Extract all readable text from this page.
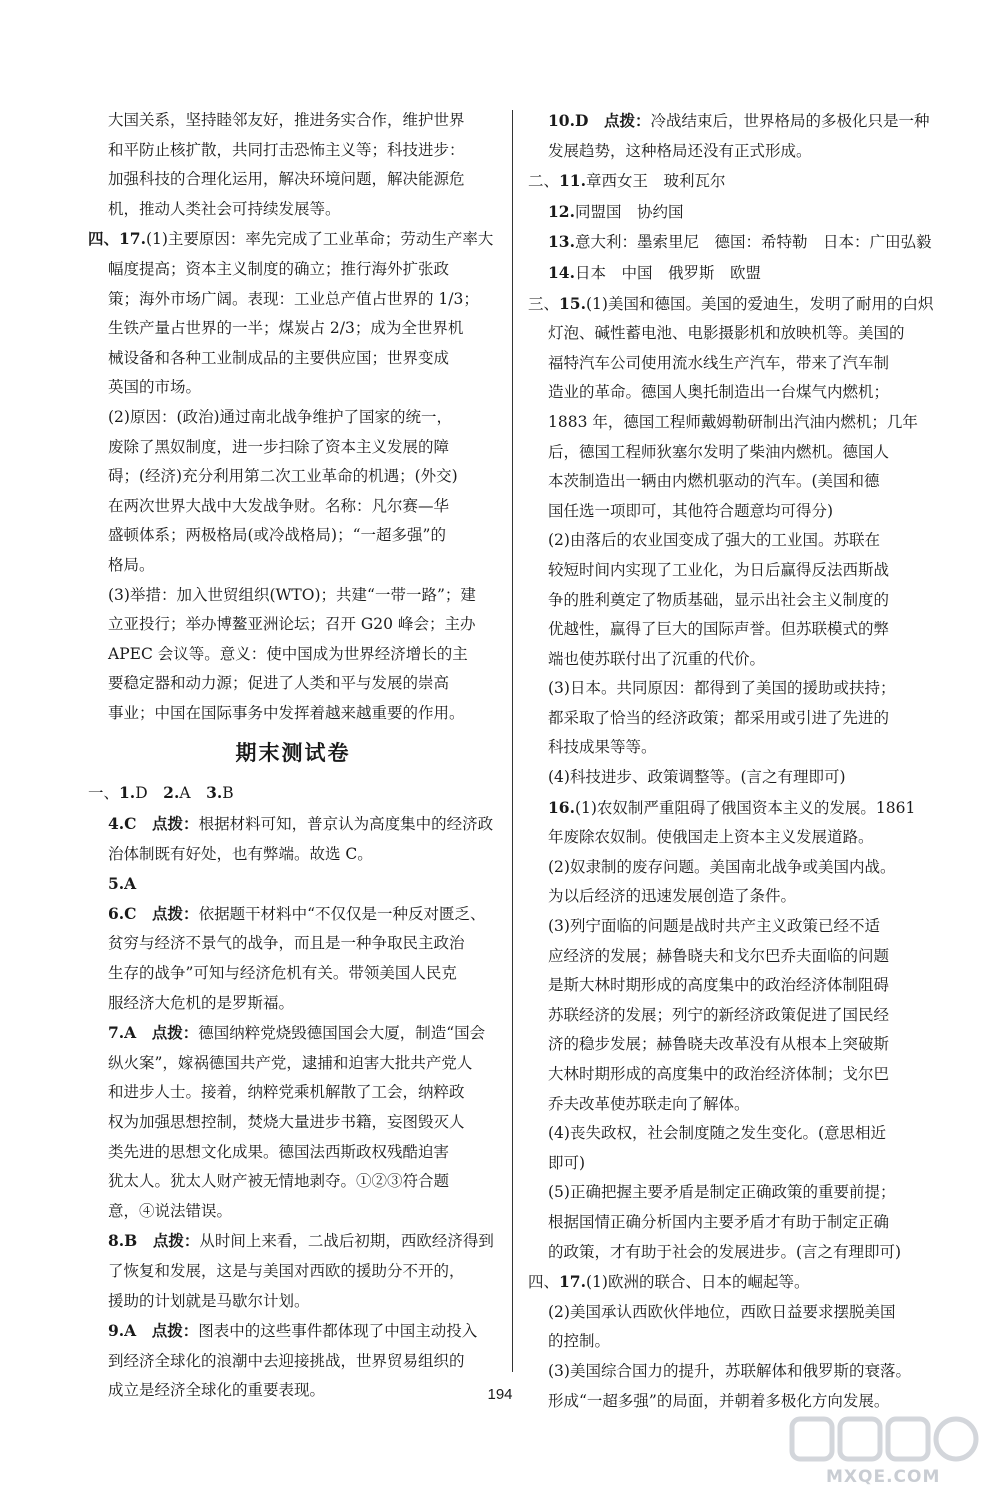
大国关系，坚持睦邻友好，推进务实合作，维护世界
和平防止核扩散，共同打击恐怖主义等；科技进步：
加强科技的合理化运用，解决环境问题，解决能源危
机，推动人类社会可持续发展等。
四、17.(1)主要原因：率先完成了工业革命；劳动生产率大
幅度提高；资本主义制度的确立；推行海外扩张政
策；海外市场广阔。表现：工业总产值占世界的 1/3；
生铁产量占世界的一半；煤炭占 2/3；成为全世界机
械设备和各种工业制成品的主要供应国；世界变成
英国的市场。
(2)原因：(政治)通过南北战争维护了国家的统一，
废除了黑奴制度，进一步扫除了资本主义发展的障
碍；(经济)充分利用第二次工业革命的机遇；(外交)
在两次世界大战中大发战争财。名称：凡尔赛—华
盛顿体系；两极格局(或冷战格局)；“一超多强”的
格局。
(3)举措：加入世贸组织(WTO)；共建“一带一路”；建
立亚投行；举办博鳌亚洲论坛；召开 G20 峰会；主办
APEC 会议等。意义：使中国成为世界经济增长的主
要稳定器和动力源；促进了人类和平与发展的崇高
事业；中国在国际事务中发挥着越来越重要的作用。
期末测试卷
一、1.D　 2.A　 3.B
4.C　 点拨：根据材料可知，普京认为高度集中的经济政
治体制既有好处，也有弊端。故选 C。
5.A
6.C　 点拨：依据题干材料中“不仅仅是一种反对匮乏、
贫穷与经济不景气的战争，而且是一种争取民主政治
生存的战争”可知与经济危机有关。带领美国人民克
服经济大危机的是罗斯福。
7.A　 点拨：德国纳粹党烧毁德国国会大厦，制造“国会
纵火案”，嫁祸德国共产党，逮捕和迫害大批共产党人
和进步人士。接着，纳粹党乘机解散了工会，纳粹政
权为加强思想控制，焚烧大量进步书籍，妄图毁灭人
类先进的思想文化成果。德国法西斯政权残酷迫害
犹太人。犹太人财产被无情地剥夺。①②③符合题
意，④说法错误。
8.B　 点拨：从时间上来看，二战后初期，西欧经济得到
了恢复和发展，这是与美国对西欧的援助分不开的，
援助的计划就是马歇尔计划。
9.A　 点拨：图表中的这些事件都体现了中国主动投入
到经济全球化的浪潮中去迎接挑战，世界贸易组织的
成立是经济全球化的重要表现。
10.D　 点拨：冷战结束后，世界格局的多极化只是一种
发展趋势，这种格局还没有正式形成。
二、11.章西女王　玻利瓦尔
12.同盟国　协约国
13.意大利：墨索里尼　德国：希特勒　日本：广田弘毅
14.日本　中国　俄罗斯　欧盟
三、15.(1)美国和德国。美国的爱迪生，发明了耐用的白炽
灯泡、碱性蓄电池、电影摄影机和放映机等。美国的
福特汽车公司使用流水线生产汽车，带来了汽车制
造业的革命。德国人奥托制造出一台煤气内燃机；
1883 年，德国工程师戴姆勒研制出汽油内燃机；几年
后，德国工程师狄塞尔发明了柴油内燃机。德国人
本茨制造出一辆由内燃机驱动的汽车。(美国和德
国任选一项即可，其他符合题意均可得分)
(2)由落后的农业国变成了强大的工业国。苏联在
较短时间内实现了工业化，为日后赢得反法西斯战
争的胜利奠定了物质基础，显示出社会主义制度的
优越性，赢得了巨大的国际声誉。但苏联模式的弊
端也使苏联付出了沉重的代价。
(3)日本。共同原因：都得到了美国的援助或扶持；
都采取了恰当的经济政策；都采用或引进了先进的
科技成果等等。
(4)科技进步、政策调整等。(言之有理即可)
16.(1)农奴制严重阻碍了俄国资本主义的发展。1861
年废除农奴制。使俄国走上资本主义发展道路。
(2)奴隶制的废存问题。美国南北战争或美国内战。
为以后经济的迅速发展创造了条件。
(3)列宁面临的问题是战时共产主义政策已经不适
应经济的发展；赫鲁晓夫和戈尔巴乔夫面临的问题
是斯大林时期形成的高度集中的政治经济体制阻碍
苏联经济的发展；列宁的新经济政策促进了国民经
济的稳步发展；赫鲁晓夫改革没有从根本上突破斯
大林时期形成的高度集中的政治经济体制；戈尔巴
乔夫改革使苏联走向了解体。
(4)丧失政权，社会制度随之发生变化。(意思相近
即可)
(5)正确把握主要矛盾是制定正确政策的重要前提；
根据国情正确分析国内主要矛盾才有助于制定正确
的政策，才有助于社会的发展进步。(言之有理即可)
四、17.(1)欧洲的联合、日本的崛起等。
(2)美国承认西欧伙伴地位，西欧日益要求摆脱美国
的控制。
(3)美国综合国力的提升，苏联解体和俄罗斯的衰落。
形成“一超多强”的局面，并朝着多极化方向发展。
194
MXQE.COM
